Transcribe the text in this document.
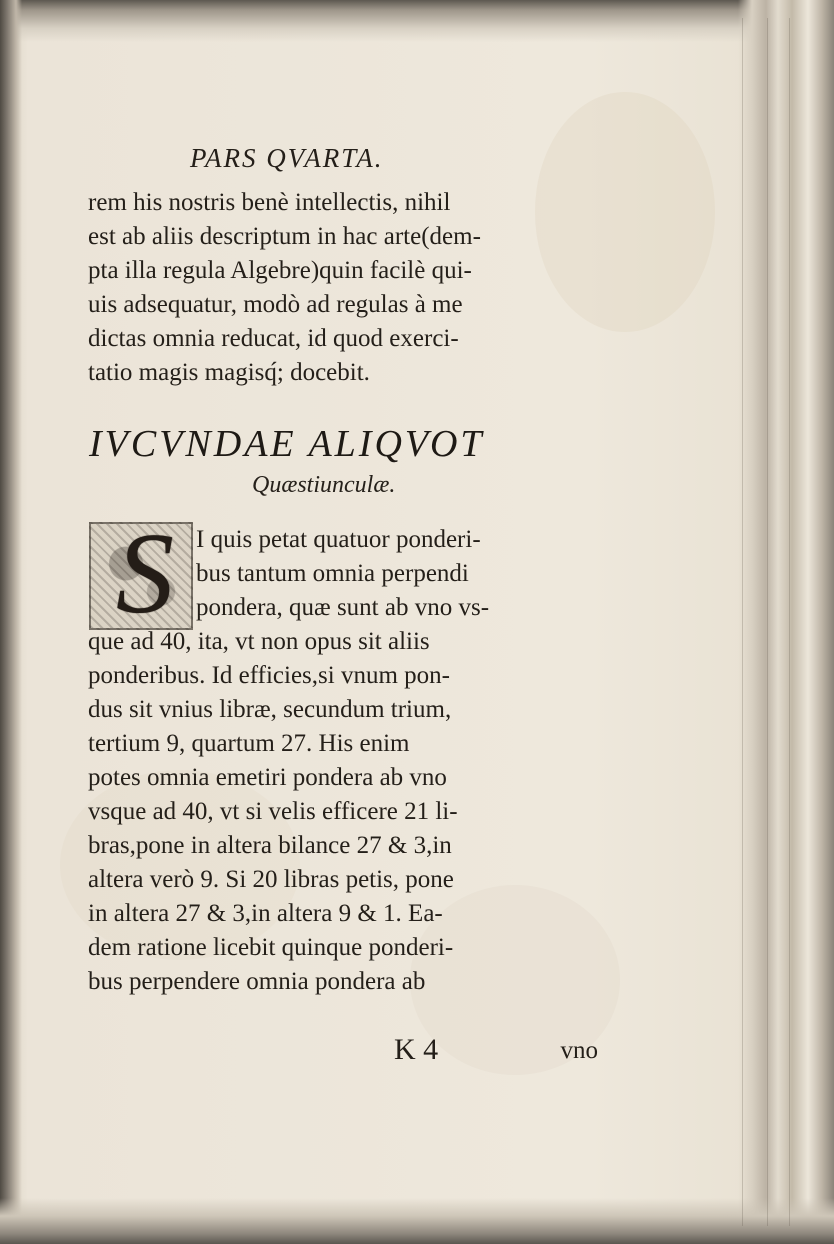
PARS QVARTA.
rem his nostris benè intellectis, nihil
est ab aliis descriptum in hac arte(dem-
pta illa regula Algebre)quin facilè qui-
uis adsequatur, modò ad regulas à me
dictas omnia reducat, id quod exerci-
tatio magis magisq́; docebit.
IVCVNDAE ALIQVOT
Quæstiunculæ.
S I quis petat quatuor ponderi-
bus tantum omnia perpendi
pondera, quæ sunt ab vno vs-
que ad 40, ita, vt non opus sit aliis
ponderibus. Id efficies,si vnum pon-
dus sit vnius libræ, secundum trium,
tertium 9, quartum 27. His enim
potes omnia emetiri pondera ab vno
vsque ad 40, vt si velis efficere 21 li-
bras,pone in altera bilance 27 & 3,in
altera verò 9. Si 20 libras petis, pone
in altera 27 & 3,in altera 9 & 1. Ea-
dem ratione licebit quinque ponderi-
bus perpendere omnia pondera ab
K 4	vno
